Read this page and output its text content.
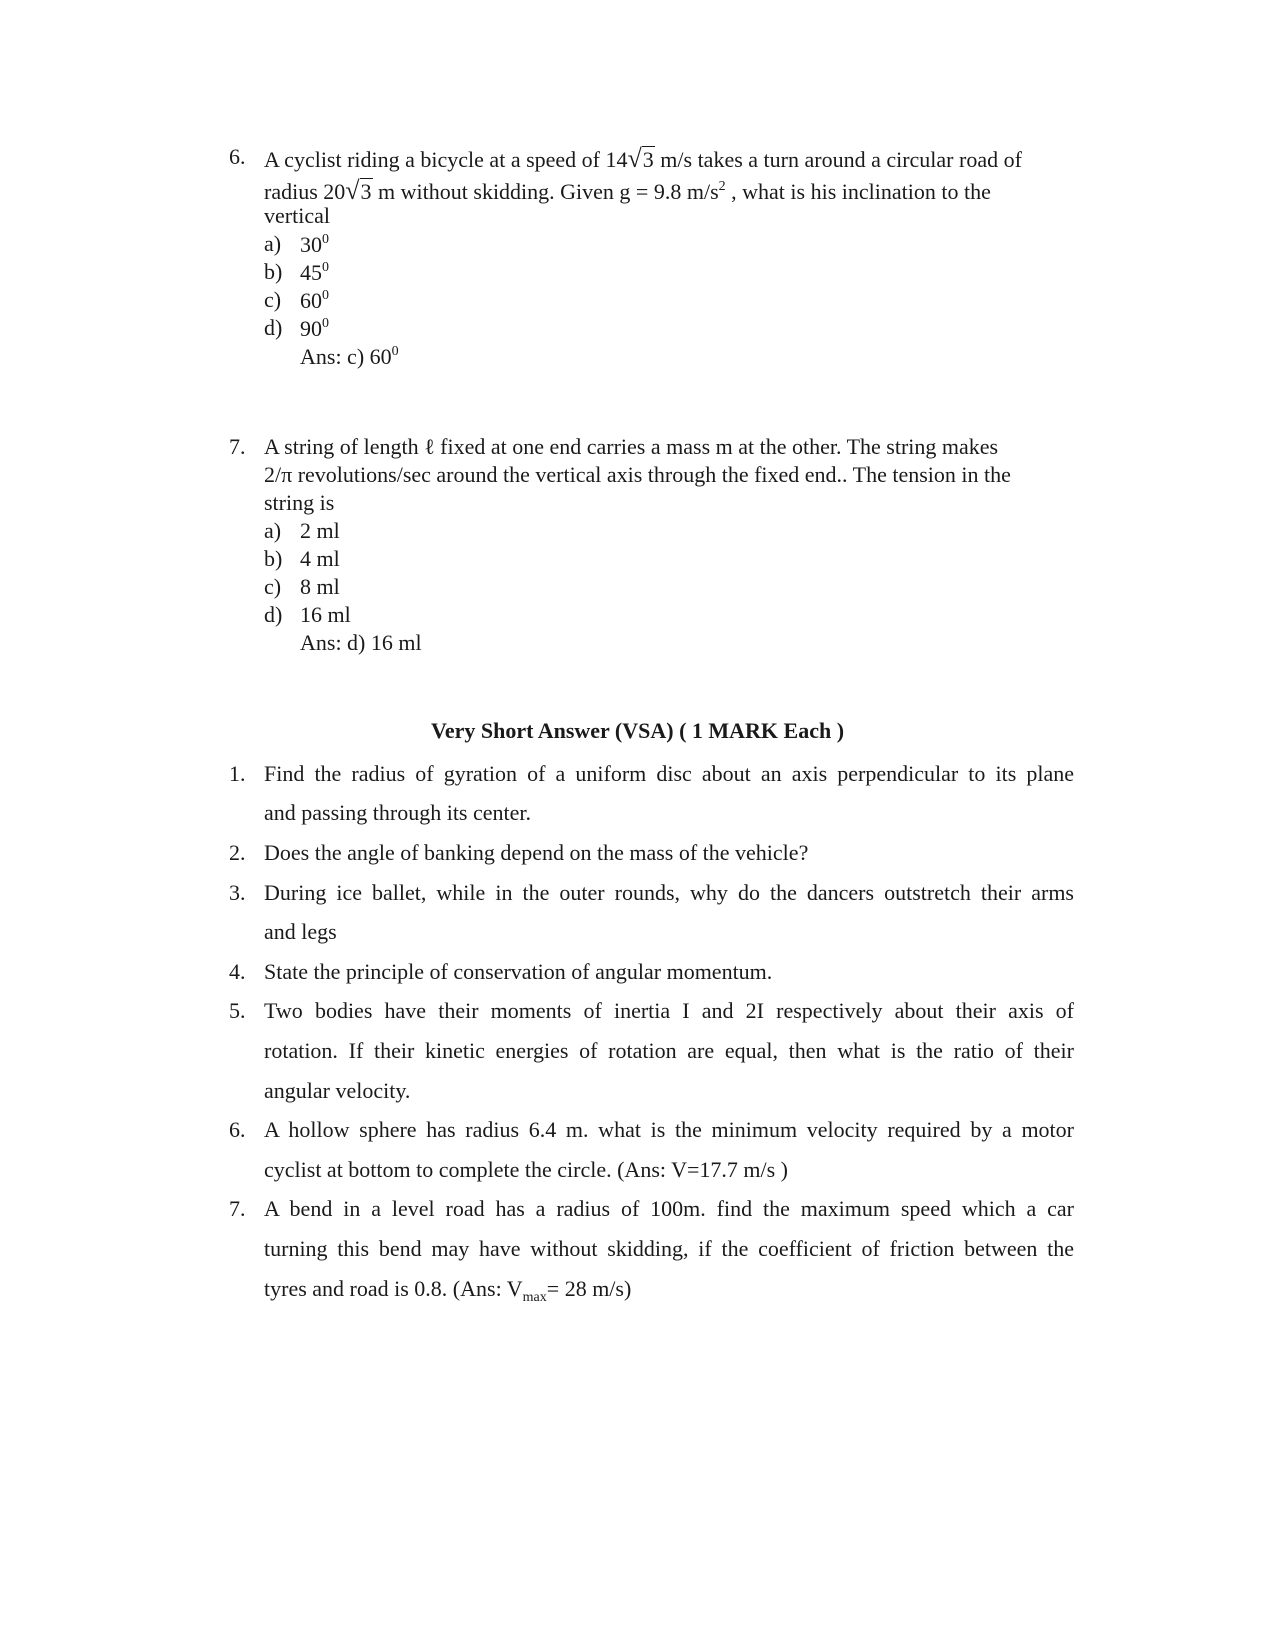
6. A cyclist riding a bicycle at a speed of 14√3 m/s takes a turn around a circular road of
radius 20√3 m without skidding. Given g = 9.8 $m/s^2$ , what is his inclination to the
vertical
a) $30^0$
b) $45^0$
c) $60^0$
d) $90^0$
Ans: c) $60^0$
7. A string of length ℓ fixed at one end carries a mass m at the other. The string makes
2/π revolutions/sec around the vertical axis through the fixed end.. The tension in the
string is
a) 2 ml
b) 4 ml
c) 8 ml
d) 16 ml
Ans: d) 16 ml
Very Short Answer (VSA) ( 1 MARK Each )
1. Find the radius of gyration of a uniform disc about an axis perpendicular to its plane
and passing through its center.
2. Does the angle of banking depend on the mass of the vehicle?
3. During ice ballet, while in the outer rounds, why do the dancers outstretch their arms
and legs
4. State the principle of conservation of angular momentum.
5. Two bodies have their moments of inertia I and 2I respectively about their axis of
rotation. If their kinetic energies of rotation are equal, then what is the ratio of their
angular velocity.
6. A hollow sphere has radius 6.4 m. what is the minimum velocity required by a motor
cyclist at bottom to complete the circle. (Ans: V=17.7 m/s )
7. A bend in a level road has a radius of 100m. find the maximum speed which a car
turning this bend may have without skidding, if the coefficient of friction between the
tyres and road is 0.8. (Ans: $V_{max}= 28$ m/s)
